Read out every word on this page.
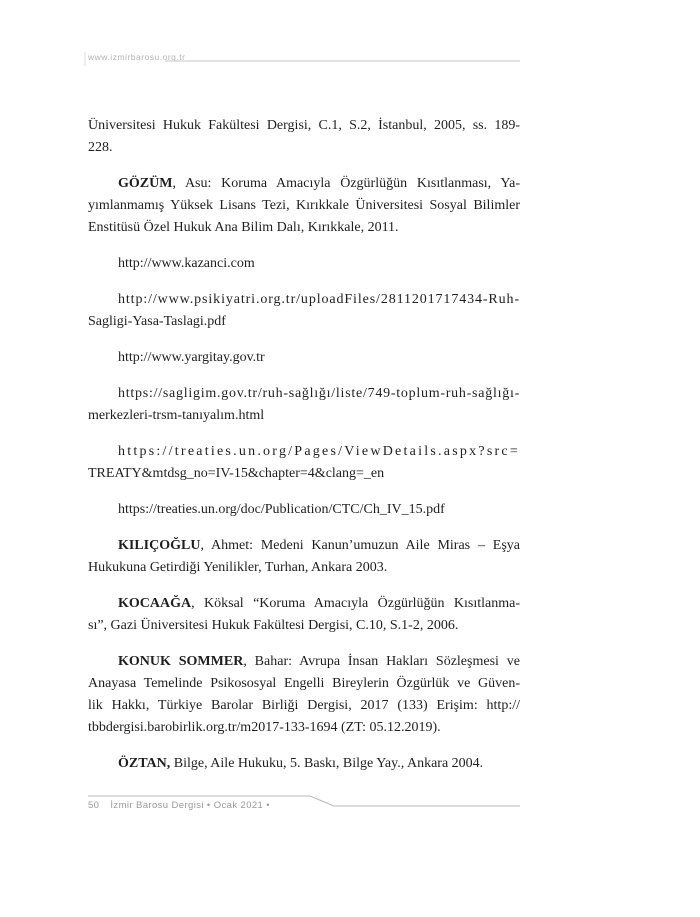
www.izmirbarosu.org.tr
Üniversitesi Hukuk Fakültesi Dergisi, C.1, S.2, İstanbul, 2005, ss. 189-
228.
GÖZÜM, Asu: Koruma Amacıyla Özgürlüğün Kısıtlanması, Ya-
yımlanmamış Yüksek Lisans Tezi, Kırıkkale Üniversitesi Sosyal Bilimler
Enstitüsü Özel Hukuk Ana Bilim Dalı, Kırıkkale, 2011.
http://www.kazanci.com
http://www.psikiyatri.org.tr/uploadFiles/2811201717434-Ruh-
Sagligi-Yasa-Taslagi.pdf
http://www.yargitay.gov.tr
https://sagligim.gov.tr/ruh-sağlığı/liste/749-toplum-ruh-sağlığı-
merkezleri-trsm-tanıyalım.html
https://treaties.un.org/Pages/ViewDetails.aspx?src=
TREATY&mtdsg_no=IV-15&chapter=4&clang=_en
https://treaties.un.org/doc/Publication/CTC/Ch_IV_15.pdf
KILIÇOĞLU, Ahmet: Medeni Kanun’umuzun Aile Miras – Eşya
Hukukuna Getirdiği Yenilikler, Turhan, Ankara 2003.
KOCAAĞA, Köksal “Koruma Amacıyla Özgürlüğün Kısıtlanma-
sı”, Gazi Üniversitesi Hukuk Fakültesi Dergisi, C.10, S.1-2, 2006.
KONUK SOMMER, Bahar: Avrupa İnsan Hakları Sözleşmesi ve
Anayasa Temelinde Psikososyal Engelli Bireylerin Özgürlük ve Güven-
lik Hakkı, Türkiye Barolar Birliği Dergisi, 2017 (133) Erişim: http://
tbbdergisi.barobirlik.org.tr/m2017-133-1694 (ZT: 05.12.2019).
ÖZTAN, Bilge, Aile Hukuku, 5. Baskı, Bilge Yay., Ankara 2004.
50 İzmir Barosu Dergisi • Ocak 2021 •
